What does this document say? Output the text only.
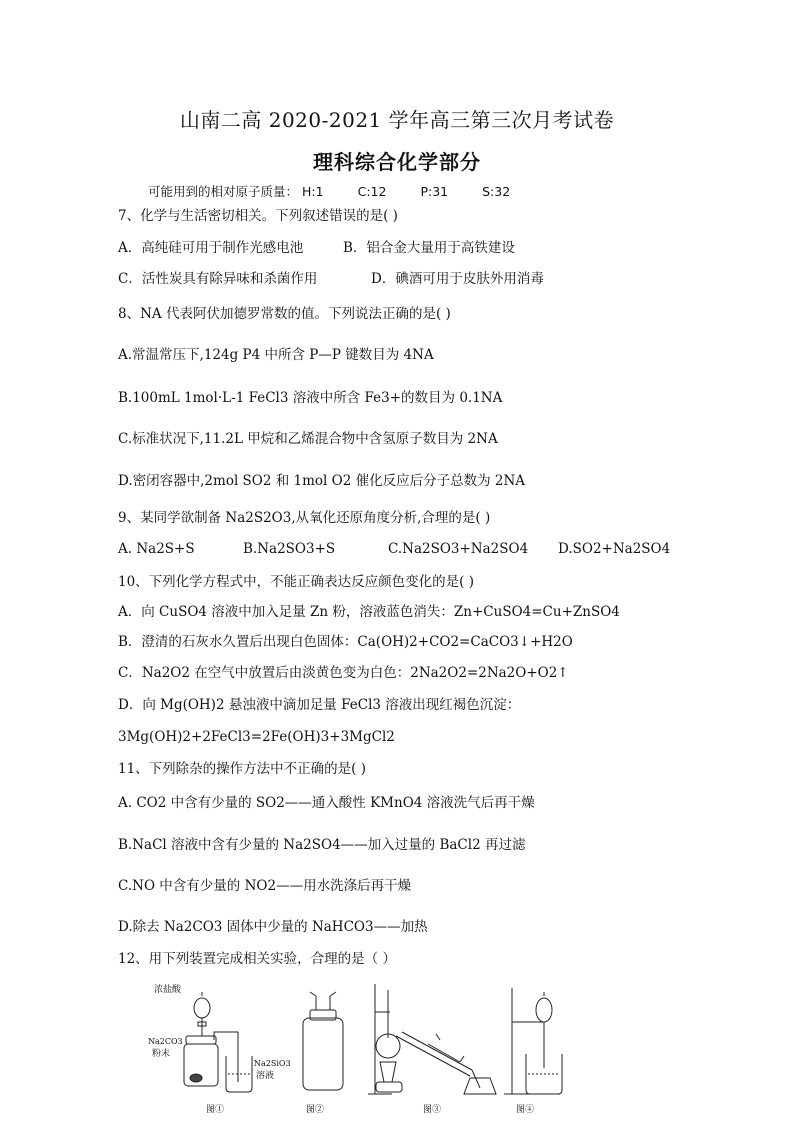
山南二高 2020-2021 学年高三第三次月考试卷
理科综合化学部分
可能用到的相对原子质量： H:1	C:12	P:31	S:32
7、化学与生活密切相关。下列叙述错误的是( )
A．高纯硅可用于制作光感电池	B．铝合金大量用于高铁建设
C．活性炭具有除异味和杀菌作用	D．碘酒可用于皮肤外用消毒
8、NA 代表阿伏加德罗常数的值。下列说法正确的是( )
A.常温常压下,124g P4 中所含 P—P 键数目为 4NA
B.100mL 1mol·L-1 FeCl3 溶液中所含 Fe3+的数目为 0.1NA
C.标准状况下,11.2L 甲烷和乙烯混合物中含氢原子数目为 2NA
D.密闭容器中,2mol SO2 和 1mol O2 催化反应后分子总数为 2NA
9、某同学欲制备 Na2S2O3,从氧化还原角度分析,合理的是( )
A. Na2S+S	B.Na2SO3+S	C.Na2SO3+Na2SO4 D.SO2+Na2SO4
10、下列化学方程式中，不能正确表达反应颜色变化的是( )
A．向 CuSO4 溶液中加入足量 Zn 粉，溶液蓝色消失：Zn+CuSO4=Cu+ZnSO4
B．澄清的石灰水久置后出现白色固体：Ca(OH)2+CO2=CaCO3↓+H2O
C．Na2O2 在空气中放置后由淡黄色变为白色：2Na2O2=2Na2O+O2↑
D．向 Mg(OH)2 悬浊液中滴加足量 FeCl3 溶液出现红褐色沉淀：
3Mg(OH)2+2FeCl3=2Fe(OH)3+3MgCl2
11、下列除杂的操作方法中不正确的是( )
A. CO2 中含有少量的 SO2——通入酸性 KMnO4 溶液洗气后再干燥
B.NaCl 溶液中含有少量的 Na2SO4——加入过量的 BaCl2 再过滤
C.NO 中含有少量的 NO2——用水洗涤后再干燥
D.除去 Na2CO3 固体中少量的 NaHCO3——加热
12、用下列装置完成相关实验，合理的是（ ）
浓盐酸
Na2CO3
粉末
Na2SiO3
溶液
图①	图②	图③	图④
